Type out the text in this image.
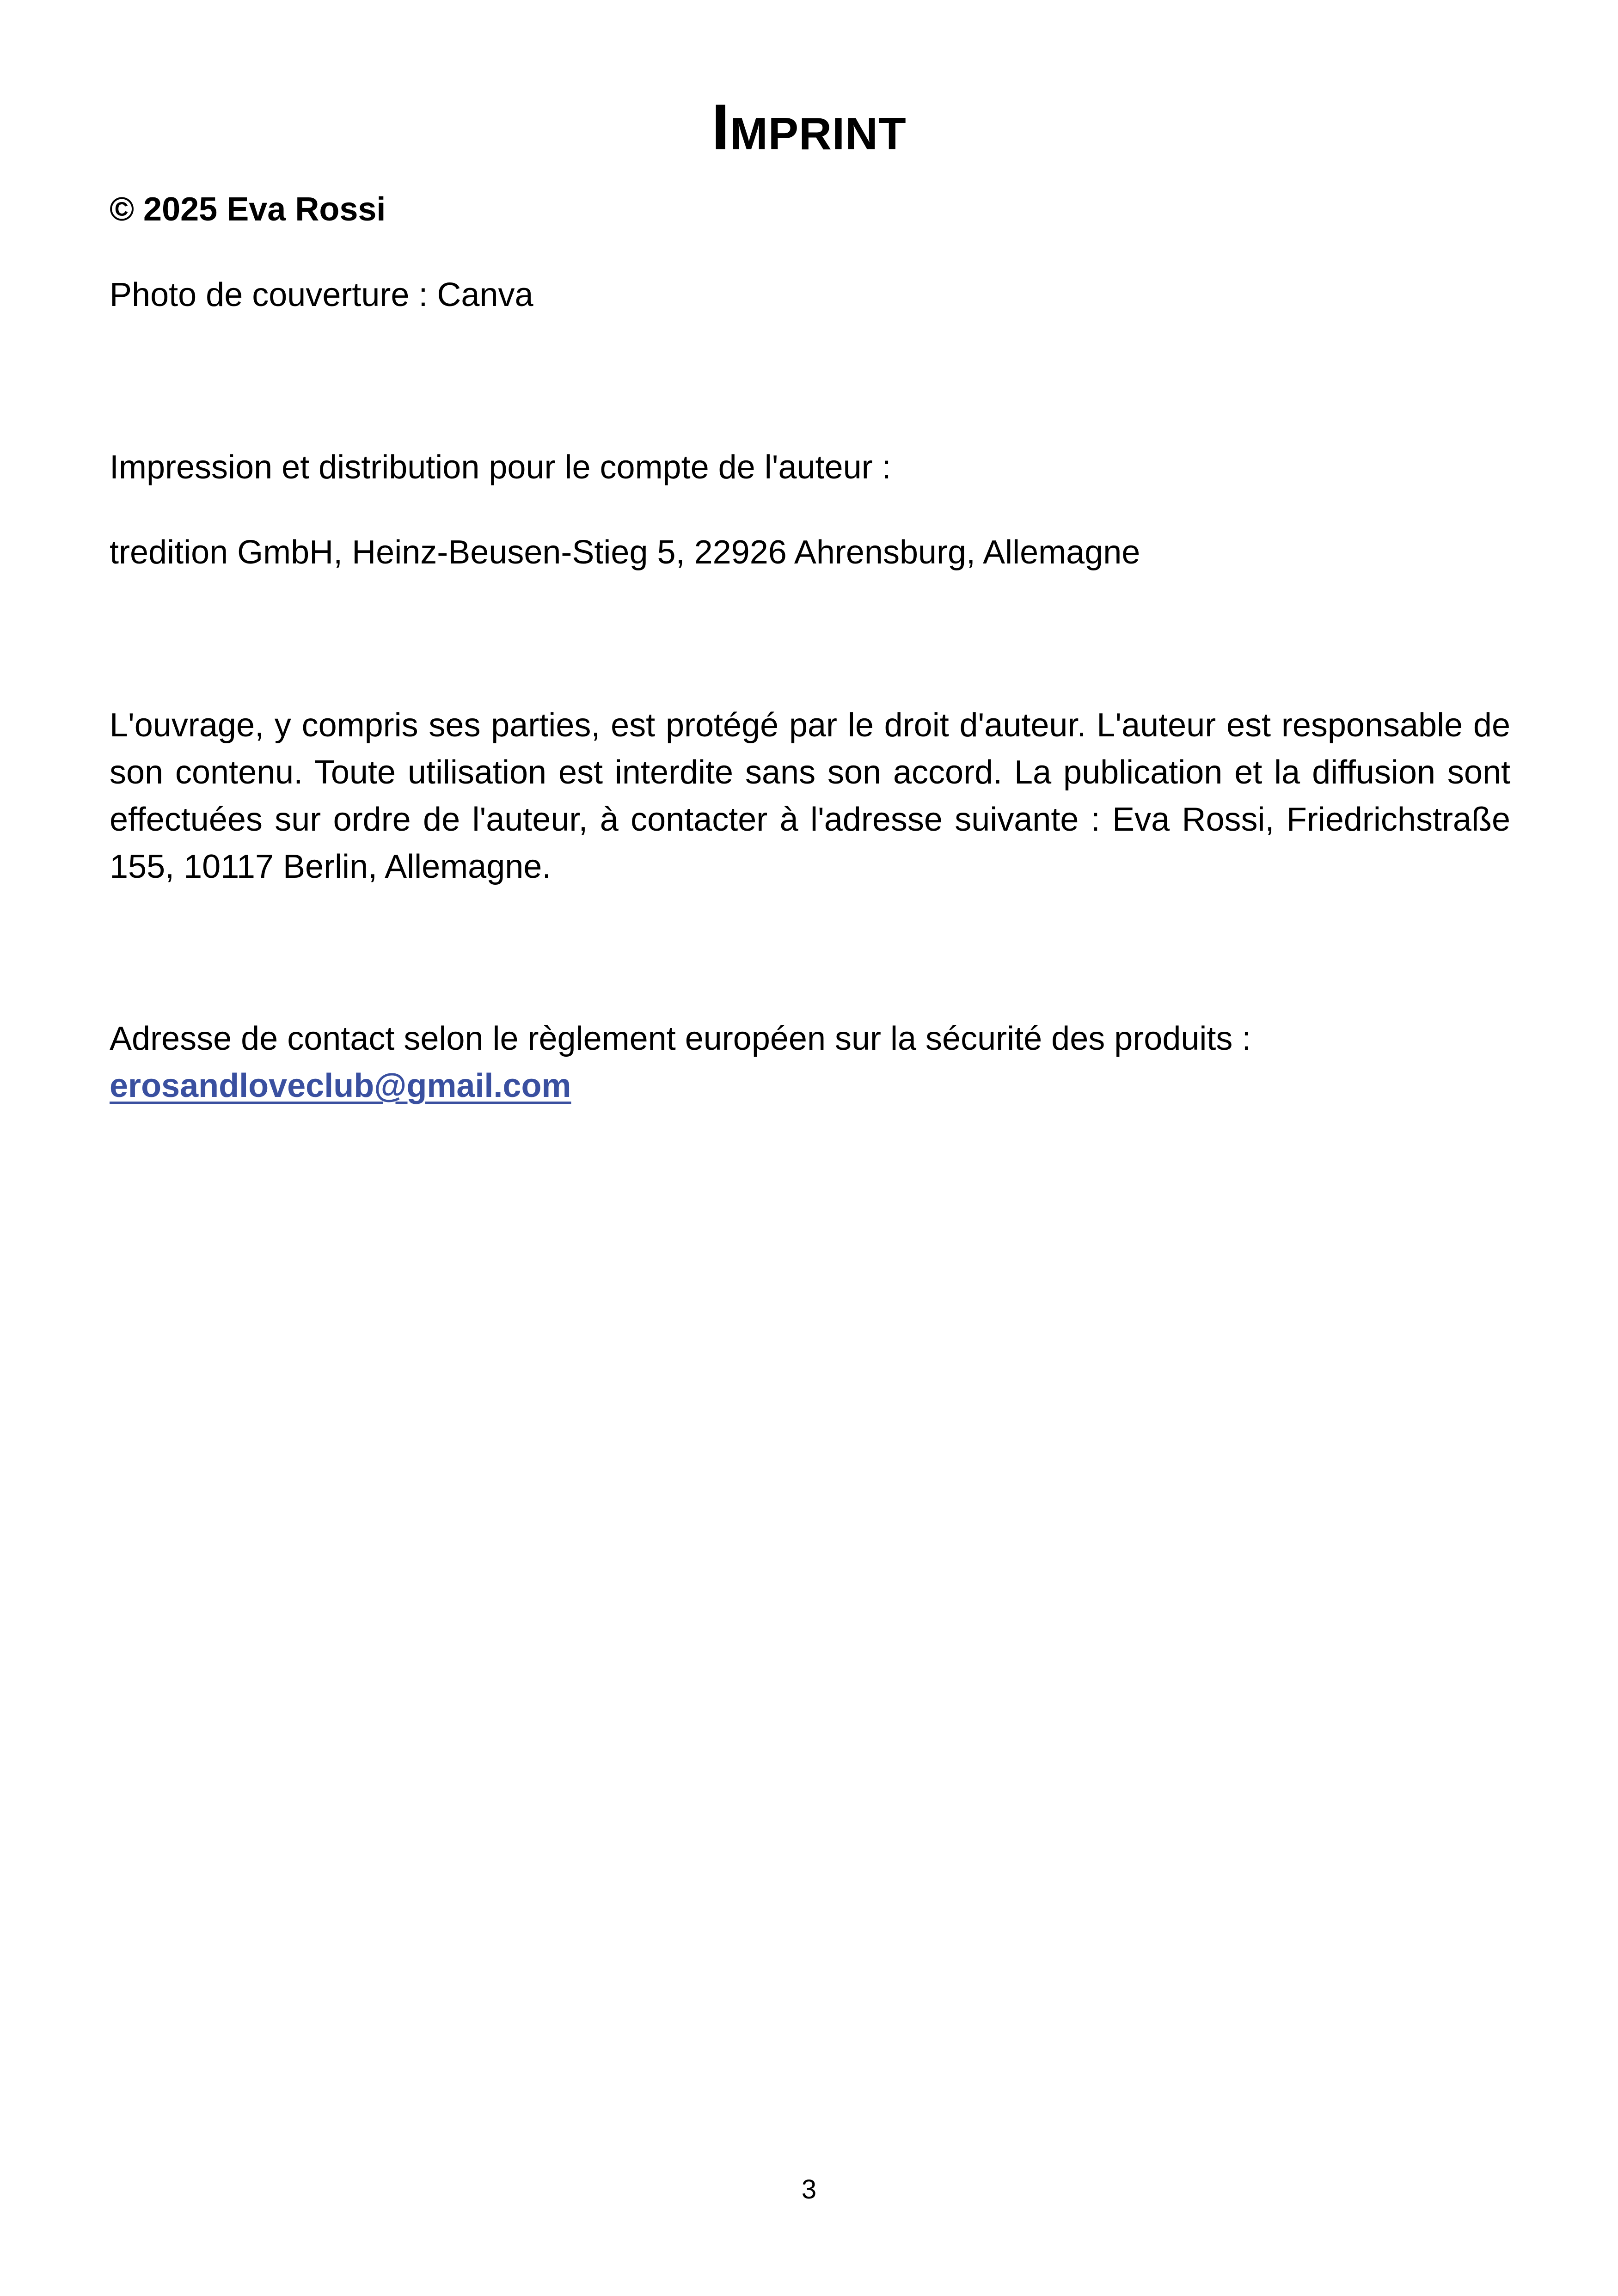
Imprint

© 2025 Eva Rossi

Photo de couverture : Canva

Impression et distribution pour le compte de l'auteur :

tredition GmbH, Heinz-Beusen-Stieg 5, 22926 Ahrensburg, Allemagne

L'ouvrage, y compris ses parties, est protégé par le droit d'auteur. L'auteur est responsable de son contenu. Toute utilisation est interdite sans son accord. La publication et la diffusion sont effectuées sur ordre de l'auteur, à contacter à l'adresse suivante : Eva Rossi, Friedrichstraße 155, 10117 Berlin, Allemagne.

Adresse de contact selon le règlement européen sur la sécurité des produits :
erosandloveclub@gmail.com
3
